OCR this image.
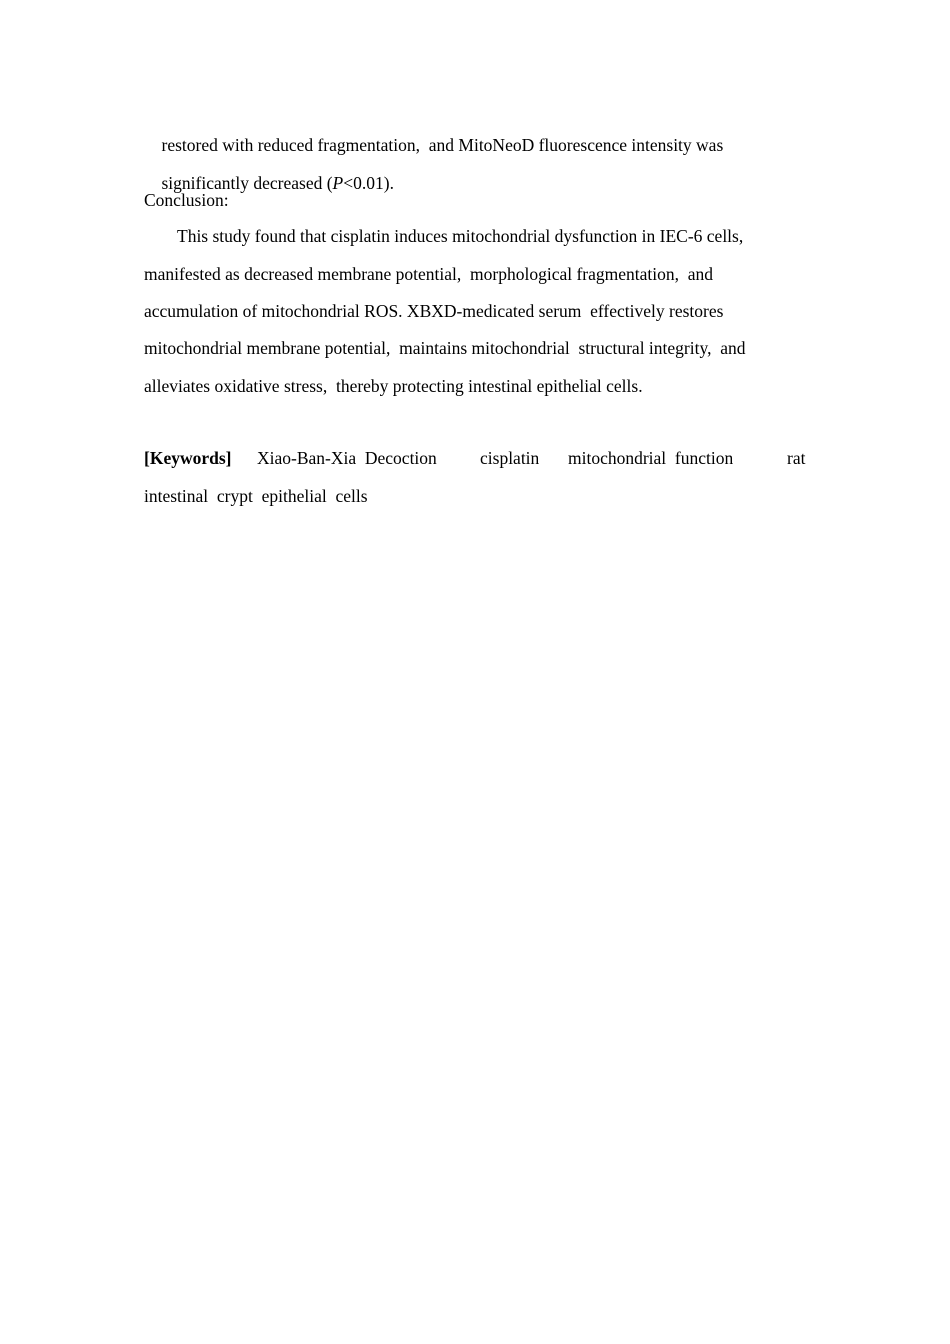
restored with reduced fragmentation,  and MitoNeoD fluorescence intensity was

significantly decreased (P<0.01).

Conclusion:
This study found that cisplatin induces mitochondrial dysfunction in IEC-6 cells,
manifested as decreased membrane potential,  morphological fragmentation,  and
accumulation of mitochondrial ROS. XBXD-medicated serum  effectively restores
mitochondrial membrane potential,  maintains mitochondrial  structural integrity,  and
alleviates oxidative stress,  thereby protecting intestinal epithelial cells.
[Keywords] Xiao-Ban-Xia  Decoction cisplatin mitochondrial  function	rat
intestinal  crypt  epithelial  cells
